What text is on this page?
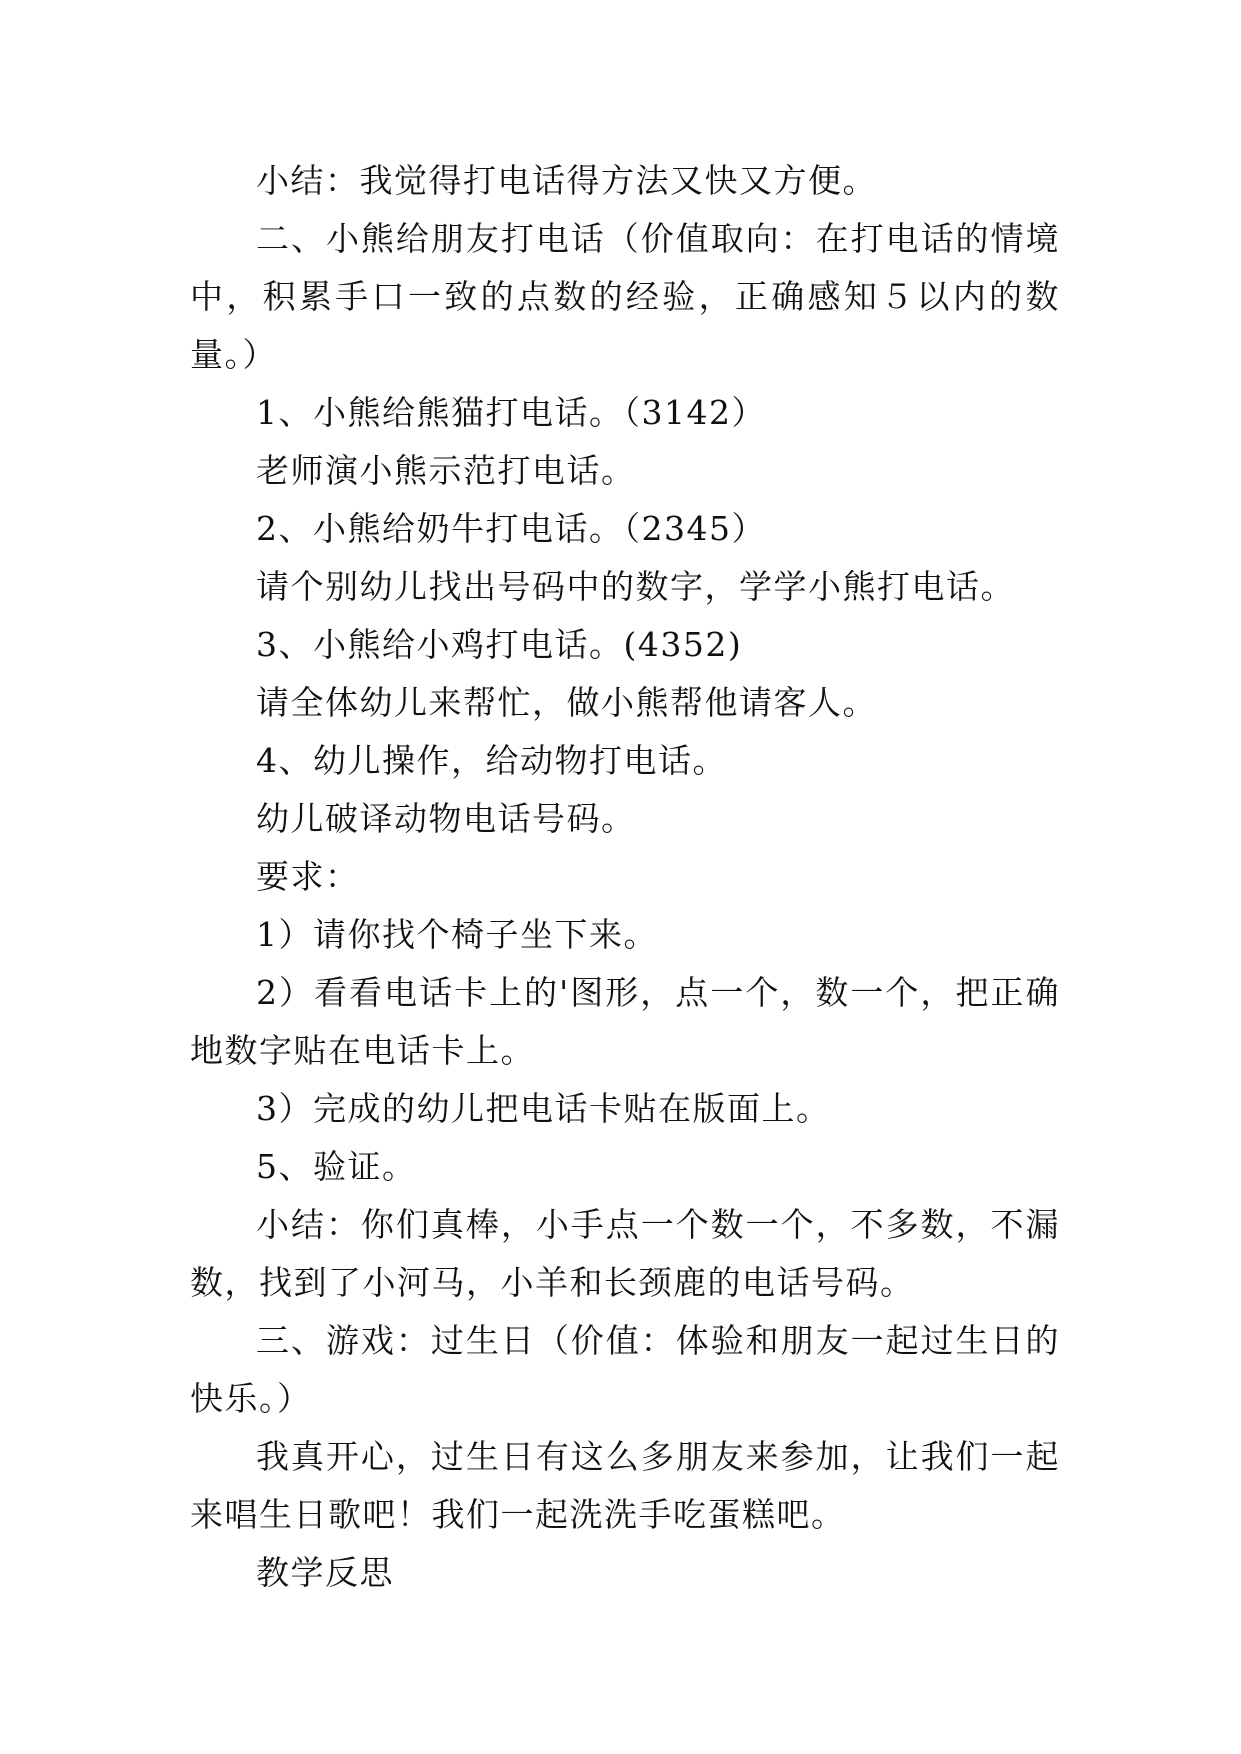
小结：我觉得打电话得方法又快又方便。

二、小熊给朋友打电话（价值取向：在打电话的情境中，积累手口一致的点数的经验，正确感知５以内的数量。）

1、小熊给熊猫打电话。（3142）

老师演小熊示范打电话。

2、小熊给奶牛打电话。（2345）

请个别幼儿找出号码中的数字，学学小熊打电话。

3、小熊给小鸡打电话。(4352)

请全体幼儿来帮忙，做小熊帮他请客人。

4、幼儿操作，给动物打电话。

幼儿破译动物电话号码。

要求：

1）请你找个椅子坐下来。

2）看看电话卡上的'图形，点一个，数一个，把正确地数字贴在电话卡上。

3）完成的幼儿把电话卡贴在版面上。

5、验证。

小结：你们真棒，小手点一个数一个，不多数，不漏数，找到了小河马，小羊和长颈鹿的电话号码。

三、游戏：过生日（价值：体验和朋友一起过生日的快乐。）

我真开心，过生日有这么多朋友来参加，让我们一起来唱生日歌吧！我们一起洗洗手吃蛋糕吧。

教学反思
